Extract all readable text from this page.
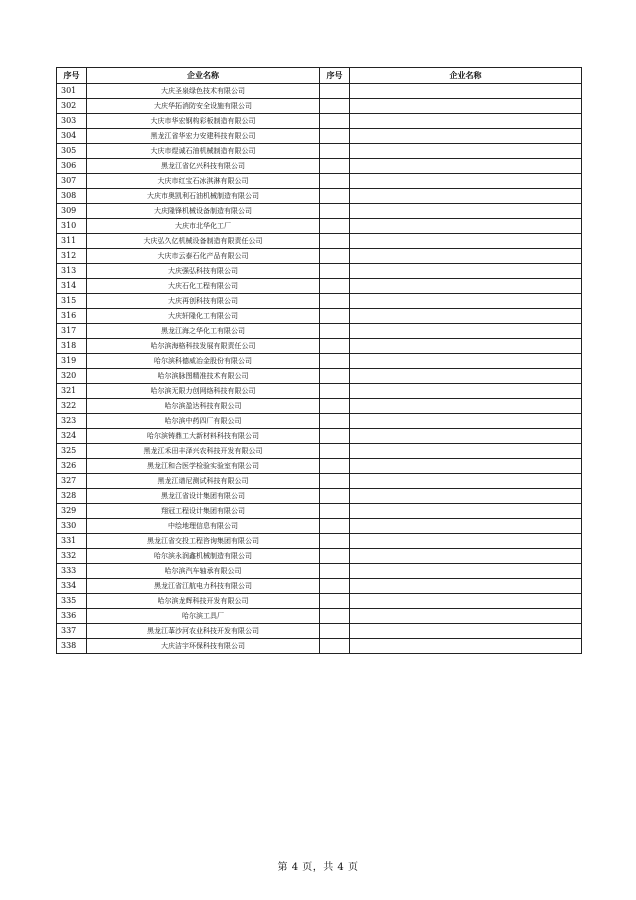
序号	企业名称	序号	企业名称
301	大庆圣泉绿色技术有限公司		
302	大庆华拓消防安全设施有限公司		
303	大庆市华宏钢构彩板制造有限公司		
304	黑龙江省华宏力安建科技有限公司		
305	大庆市煜诚石油机械制造有限公司		
306	黑龙江省亿兴科技有限公司		
307	大庆市红宝石冰淇淋有限公司		
308	大庆市奥凯利石油机械制造有限公司		
309	大庆隆锋机械设备制造有限公司		
310	大庆市北华化工厂		
311	大庆弘久亿机械设备制造有限责任公司		
312	大庆市云泰石化产品有限公司		
313	大庆强弘科技有限公司		
314	大庆石化工程有限公司		
315	大庆再创科技有限公司		
316	大庆轩隆化工有限公司		
317	黑龙江海之华化工有限公司		
318	哈尔滨海格科技发展有限责任公司		
319	哈尔滨科德威冶金股份有限公司		
320	哈尔滨脉图精准技术有限公司		
321	哈尔滨无限力创网络科技有限公司		
322	哈尔滨盈达科技有限公司		
323	哈尔滨中药四厂有限公司		
324	哈尔滨铸鼎工大新材料科技有限公司		
325	黑龙江禾田丰泽兴农科技开发有限公司		
326	黑龙江和合医学检验实验室有限公司		
327	黑龙江谱尼测试科技有限公司		
328	黑龙江省设计集团有限公司		
329	翔冠工程设计集团有限公司		
330	中绘地理信息有限公司		
331	黑龙江省交投工程咨询集团有限公司		
332	哈尔滨永润鑫机械制造有限公司		
333	哈尔滨汽车轴承有限公司		
334	黑龙江省江航电力科技有限公司		
335	哈尔滨龙辉科技开发有限公司		
336	哈尔滨工具厂		
337	黑龙江莑沙河农业科技开发有限公司		
338	大庆洁宇环保科技有限公司		
第 4 页，共 4 页
